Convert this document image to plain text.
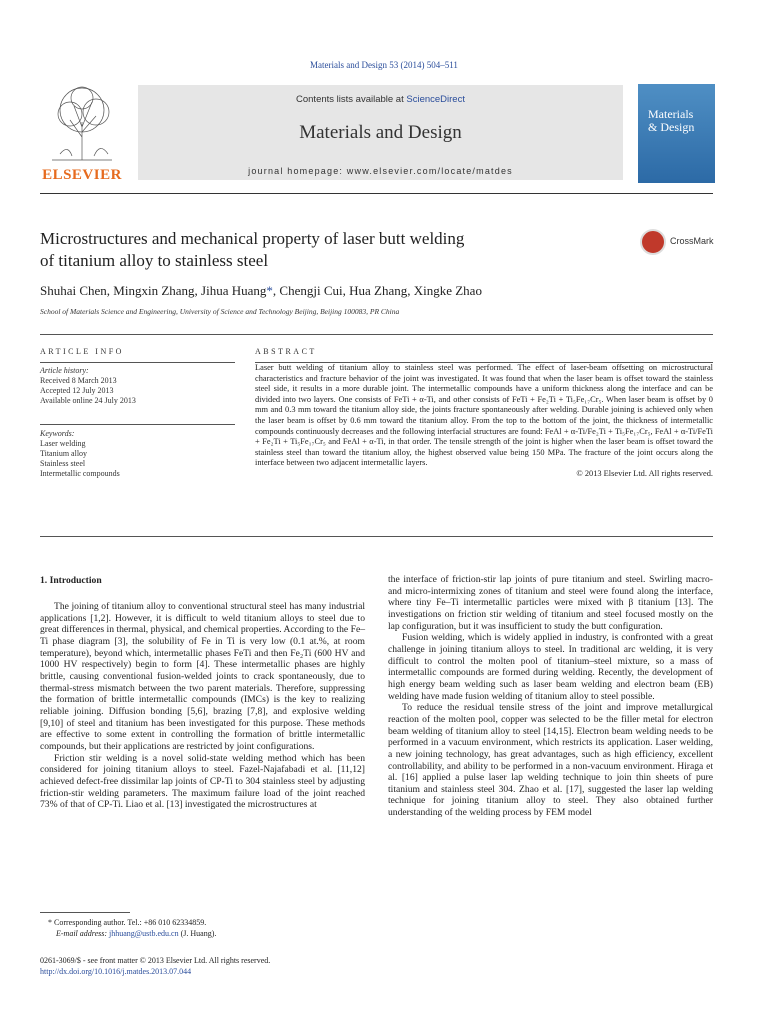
Materials and Design 53 (2014) 504–511
ELSEVIER
Contents lists available at ScienceDirect
Materials and Design
journal homepage: www.elsevier.com/locate/matdes
Materials
& Design
Microstructures and mechanical property of laser butt welding
of titanium alloy to stainless steel
CrossMark
Shuhai Chen, Mingxin Zhang, Jihua Huang*, Chengji Cui, Hua Zhang, Xingke Zhao
School of Materials Science and Engineering, University of Science and Technology Beijing, Beijing 100083, PR China
ARTICLE INFO
Article history:
Received 8 March 2013
Accepted 12 July 2013
Available online 24 July 2013
Keywords:
Laser welding
Titanium alloy
Stainless steel
Intermetallic compounds
ABSTRACT
Laser butt welding of titanium alloy to stainless steel was performed. The effect of laser-beam offsetting on microstructural characteristics and fracture behavior of the joint was investigated. It was found that when the laser beam is offset toward the stainless steel side, it results in a more durable joint. The intermetallic compounds have a uniform thickness along the interface and can be divided into two layers. One consists of FeTi + α-Ti, and other consists of FeTi + Fe₂Ti + Ti₅Fe₁₇Cr₅. When laser beam is offset by 0 mm and 0.3 mm toward the titanium alloy side, the joints fracture spontaneously after welding. Durable joining is achieved only when the laser beam is offset by 0.6 mm toward the titanium alloy. From the top to the bottom of the joint, the thickness of intermetallic compounds continuously decreases and the following interfacial structures are found: FeAl + α-Ti/Fe₂Ti + Ti₅Fe₁₇Cr₅, FeAl + α-Ti/FeTi + Fe₂Ti + Ti₅Fe₁₇Cr₅ and FeAl + α-Ti, in that order. The tensile strength of the joint is higher when the laser beam is offset toward the stainless steel than toward the titanium alloy, the highest observed value being 150 MPa. The fracture of the joint occurs along the interface between two adjacent intermetallic layers.
© 2013 Elsevier Ltd. All rights reserved.
1. Introduction

The joining of titanium alloy to conventional structural steel has many industrial applications [1,2]. However, it is difficult to weld titanium alloys to steel due to great differences in thermal, physical, and chemical properties. According to the Fe–Ti phase diagram [3], the solubility of Fe in Ti is very low (0.1 at.%, at room temperature), beyond which, intermetallic phases FeTi and then Fe₂Ti (600 HV and 1000 HV respectively) begin to form [4]. These intermetallic phases are highly brittle, causing conventional fusion-welded joints to crack spontaneously, due to thermal-stress mismatch between the two parent materials. Therefore, suppressing the formation of brittle intermetallic compounds (IMCs) is the key to realizing reliable joining. Diffusion bonding [5,6], brazing [7,8], and explosive welding [9,10] of steel and titanium has been investigated for this purpose. These methods are effective to some extent in controlling the formation of brittle intermetallic compounds, but their applications are restricted by joint configurations.

Friction stir welding is a novel solid-state welding method which has been considered for joining titanium alloys to steel. Fazel-Najafabadi et al. [11,12] achieved defect-free dissimilar lap joints of CP-Ti to 304 stainless steel by adjusting friction-stir welding parameters. The maximum failure load of the joint reached 73% of that of CP-Ti. Liao et al. [13] investigated the microstructures at

the interface of friction-stir lap joints of pure titanium and steel. Swirling macro- and micro-intermixing zones of titanium and steel were found along the interface, where tiny Fe–Ti intermetallic particles were mixed with β titanium [13]. The investigations on friction stir welding of titanium and steel focused mostly on the lap configuration, but it was insufficient to study the butt configuration.

Fusion welding, which is widely applied in industry, is confronted with a great challenge in joining titanium alloys to steel. In traditional arc welding, it is very difficult to control the molten pool of titanium–steel mixture, so a mass of intermetallic compounds are formed during welding. Recently, the development of high energy beam welding such as laser beam welding and electron beam (EB) welding have made fusion welding of titanium alloy to steel possible.

To reduce the residual tensile stress of the joint and improve metallurgical reaction of the molten pool, copper was selected to be the filler metal for electron beam welding of titanium alloy to steel [14,15]. Electron beam welding needs to be performed in a vacuum environment, which restricts its application. Laser welding, a new joining technology, has great advantages, such as high efficiency, excellent controllability, and ability to be performed in a non-vacuum environment. Hiraga et al. [16] applied a pulse laser lap welding technique to join thin sheets of pure titanium and stainless steel 304. Zhao et al. [17], suggested the laser lap welding technique for joining titanium alloy to steel. They also obtained further understanding of the welding process by FEM model

* Corresponding author. Tel.: +86 010 62334859.
E-mail address: jhhuang@ustb.edu.cn (J. Huang).
0261-3069/$ - see front matter © 2013 Elsevier Ltd. All rights reserved.
http://dx.doi.org/10.1016/j.matdes.2013.07.044
